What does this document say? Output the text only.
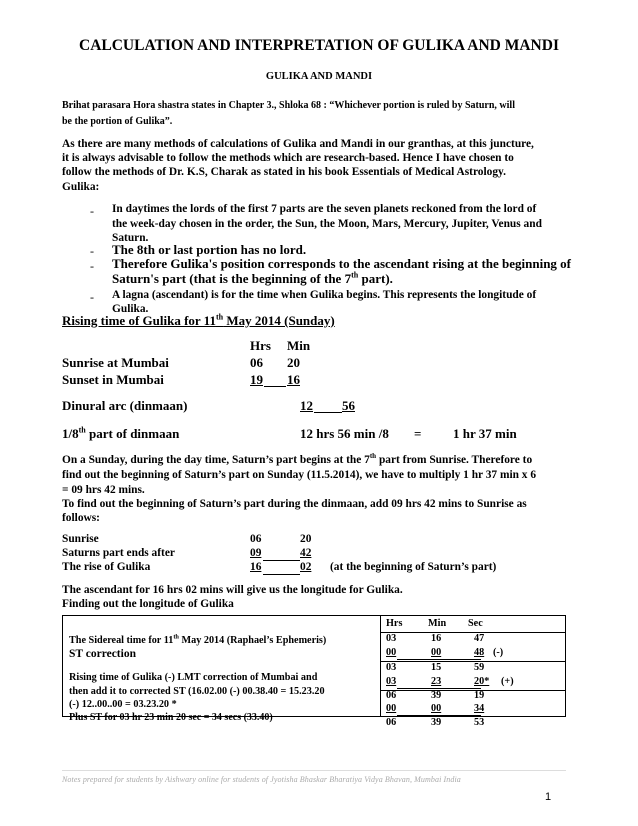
CALCULATION AND INTERPRETATION OF GULIKA AND MANDI
GULIKA AND MANDI
Brihat parasara Hora shastra states in Chapter 3., Shloka 68 : “Whichever portion is ruled by Saturn, will
be the portion of Gulika”.
As there are many methods of calculations of Gulika and Mandi in our granthas, at this juncture,
it is always advisable to follow the methods which are research-based. Hence I have chosen to
follow the methods of Dr. K.S, Charak as stated in his book Essentials of Medical Astrology.
Gulika:
- In daytimes the lords of the first 7 parts are the seven planets reckoned from the lord of
the week-day chosen in the order, the Sun, the Moon, Mars, Mercury, Jupiter, Venus and
Saturn.
- The 8th or last portion has no lord.
- Therefore Gulika's position corresponds to the ascendant rising at the beginning of
Saturn's part (that is the beginning of the 7th part).
- A lagna (ascendant) is for the time when Gulika begins. This represents the longitude of
Gulika.
Rising time of Gulika for 11th May 2014 (Sunday)
Hrs Min
Sunrise at Mumbai	06 20
Sunset in Mumbai	19 16
Dinural arc (dinmaan)	12 56
1/8th part of dinmaan	12 hrs 56 min /8 = 1 hr 37 min
On a Sunday, during the day time, Saturn’s part begins at the 7th part from Sunrise. Therefore to
find out the beginning of Saturn’s part on Sunday (11.5.2014), we have to multiply 1 hr 37 min x 6
= 09 hrs 42 mins.
To find out the beginning of Saturn’s part during the dinmaan, add 09 hrs 42 mins to Sunrise as
follows:
Sunrise	06	20
Saturns part ends after	09	42
The rise of Gulika	16	02 (at the beginning of Saturn’s part)
The ascendant for 16 hrs 02 mins will give us the longitude for Gulika.
Finding out the longitude of Gulika
The Sidereal time for 11th May 2014 (Raphael’s Ephemeris)
ST correction
Rising time of Gulika (-) LMT correction of Mumbai and
then add it to corrected ST (16.02.00 (-) 00.38.40 = 15.23.20
(-) 12..00..00 = 03.23.20 *
Plus ST for 03 hr 23 min 20 sec = 34 secs (33.40)
Hrs	Min Sec
03	16	47
00	00	48 (-)
03	15	59
03	23	20* (+)
06	39	19
00	00	34
06	39	53
Notes prepared for students by Aishwary online for students of Jyotisha Bhaskar Bharatiya Vidya Bhavan, Mumbai India
1
